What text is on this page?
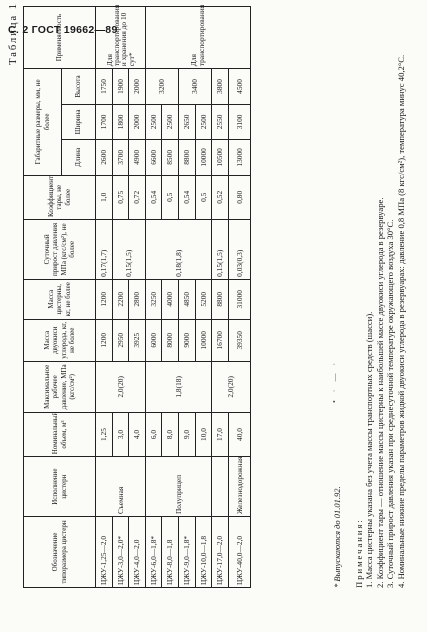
С. 2 ГОСТ 19662—89
Таблица 1
Обозначение типоразмера цистерн	Исполнение цистерн	Номинальный объем, м³	Максимальное рабочее давление, МПа (кгс/см²)	Масса двуокиси углерода, кг, не более	Масса цистерны, кг, не более	Суточный прирост давления МПа (кгс/см²), не более	Коэффициент тары, не более	Габаритные размеры, мм, не более			Применяемость
								Длина	Ширина	Высота	
ЦЖУ-1,25—2,0	Съемная	1,25	2,0(20)	1200	1200	0,17(1,7)	1,0	2600	1700	1750	Для транспортирования и хранения до 10 сут*
ЦЖУ-3,0—2,0*		3,0		2950	2200	0,15(1,5)	0,75	3700	1800	1900	
ЦЖУ-4,0—2,0		4,0		3925	2800		0,72	4900	2000	2000	
ЦЖУ-6,0—1,8*	Полуприцеп	6,0	1,8(18)	6000	3250	0,18(1,8)	0,54	6600	2500	3200	Для транспортирования
ЦЖУ-8,0—1,8		8,0		8000	4000		0,5	8500	2500		
ЦЖУ-9,0—1,8*		9,0		9000	4850		0,54	8800	2650	3400	
ЦЖУ-10,0—1,8		10,0		10000	5200		0,5	10000	2500		
ЦЖУ-17,0—2,0		17,0	2,0(20)	16700	8800	0,15(1,5)	0,52	10500	2550	3800	
ЦЖУ-40,0—2,0	Железнодорожная	40,0		39350	31000	0,03(0,3)	0,80	13000	3100	4500	
* Выпускаются до 01.01.92.
• · — ·

Примечания: 1. Масса цистерны указана без учета массы транспортных средств (шасси). 2. Коэффициент тары — отношение массы цистерны к наибольшей массе двуокиси углерода в резервуаре. 3. Суточный прирост давления указан при среднесуточной температуре окружающего воздуха 30°С. 4. Номинальные нижние пределы параметров жидкой двуокиси углерода в резервуарах: давление 0,8 МПа (8 кгс/см²), температура минус 40,2°С.
